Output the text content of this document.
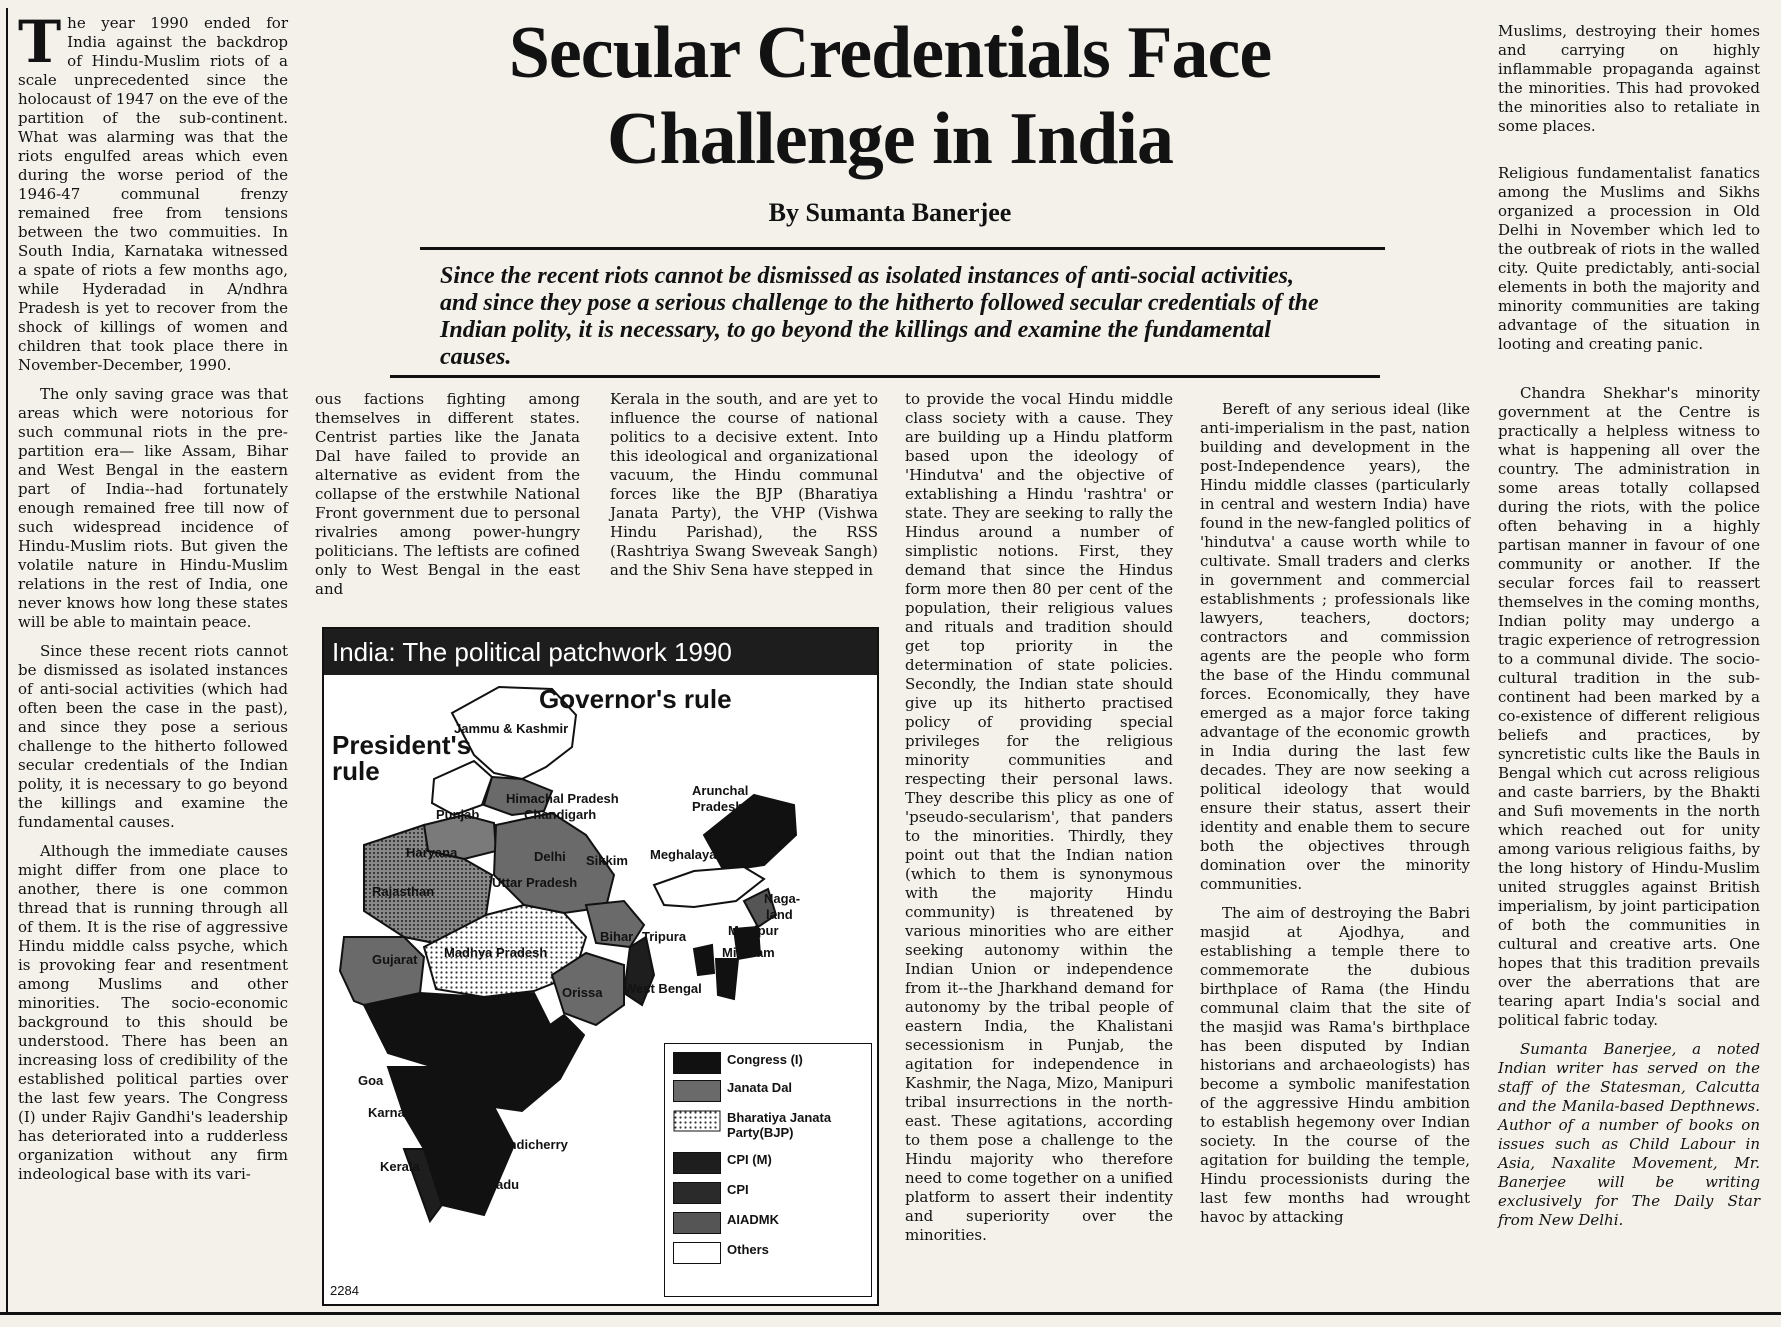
The year 1990 ended for India against the backdrop of Hindu-Muslim riots of a scale unprecedented since the holocaust of 1947 on the eve of the partition of the sub-continent. What was alarming was that the riots engulfed areas which even during the worse period of the 1946-47 communal frenzy remained free from tensions between the two commuities. In South India, Karnataka witnessed a spate of riots a few months ago, while Hyderadad in A/ndhra Pradesh is yet to recover from the shock of killings of women and children that took place there in November-December, 1990.

The only saving grace was that areas which were notorious for such communal riots in the pre-partition era— like Assam, Bihar and West Bengal in the eastern part of India--had fortunately enough remained free till now of such widespread incidence of Hindu-Muslim riots. But given the volatile nature in Hindu-Muslim relations in the rest of India, one never knows how long these states will be able to maintain peace.

Since these recent riots cannot be dismissed as isolated instances of anti-social activities (which had often been the case in the past), and since they pose a serious challenge to the hitherto followed secular credentials of the Indian polity, it is necessary to go beyond the killings and examine the fundamental causes.

Although the immediate causes might differ from one place to another, there is one common thread that is running through all of them. It is the rise of aggressive Hindu middle calss psyche, which is provoking fear and resentment among Muslims and other minorities. The socio-economic background to this should be understood. There has been an increasing loss of credibility of the established political parties over the last few years. The Congress (I) under Rajiv Gandhi's leadership has deteriorated into a rudderless organization without any firm indeological base with its vari-

Secular Credentials Face
Challenge in India
By Sumanta Banerjee
Since the recent riots cannot be dismissed as isolated instances of anti-social activities, and since they pose a serious challenge to the hitherto followed secular credentials of the Indian polity, it is necessary, to go beyond the killings and examine the fundamental causes.

ous factions fighting among themselves in different states. Centrist parties like the Janata Dal have failed to provide an alternative as evident from the collapse of the erstwhile National Front government due to personal rivalries among power-hungry politicians. The leftists are cofined only to West Bengal in the east and

Kerala in the south, and are yet to influence the course of national politics to a decisive extent. Into this ideological and organizational vacuum, the Hindu communal forces like the BJP (Bharatiya Janata Party), the VHP (Vishwa Hindu Parishad), the RSS (Rashtriya Swang Sweveak Sangh) and the Shiv Sena have stepped in

India: The political patchwork 1990
Governor's rule
President's
rule
Jammu & Kashmir
Himachal Pradesh
Chandigarh
Punjab
Haryana	Delhi
Uttar Pradesh
Rajasthan
Gujarat Madhya Pradesh
Bihar
Sikkim Meghalaya
Arunchal
Pradesh
Naga-
land
Manipur
Tripura
Mizoram
West Bengal
Orissa
Maharashtra
Goa
Andra
Pradesh
Karnataka
Pondicherry
Kerala
Tamil Nadu
Congress (I)
Janata Dal
Bharatiya Janata Party(BJP)
CPI (M)
CPI
AIADMK
Others
2284

to provide the vocal Hindu middle class society with a cause. They are building up a Hindu platform based upon the ideology of 'Hindutva' and the objective of extablishing a Hindu 'rashtra' or state. They are seeking to rally the Hindus around a number of simplistic notions. First, they demand that since the Hindus form more then 80 per cent of the population, their religious values and rituals and tradition should get top priority in the determination of state policies. Secondly, the Indian state should give up its hitherto practised policy of providing special privileges for the religious minority communities and respecting their personal laws. They describe this plicy as one of 'pseudo-secularism', that panders to the minorities. Thirdly, they point out that the Indian nation (which to them is synonymous with the majority Hindu community) is threatened by various minorities who are either seeking autonomy within the Indian Union or independence from it--the Jharkhand demand for autonomy by the tribal people of eastern India, the Khalistani secessionism in Punjab, the agitation for independence in Kashmir, the Naga, Mizo, Manipuri tribal insurrections in the north-east. These agitations, according to them pose a challenge to the Hindu majority who therefore need to come together on a unified platform to assert their indentity and superiority over the minorities.

Bereft of any serious ideal (like anti-imperialism in the past, nation building and development in the post-Independence years), the Hindu middle classes (particularly in central and western India) have found in the new-fangled politics of 'hindutva' a cause worth while to cultivate. Small traders and clerks in government and commercial establishments ; professionals like lawyers, teachers, doctors; contractors and commission agents are the people who form the base of the Hindu communal forces. Economically, they have emerged as a major force taking advantage of the economic growth in India during the last few decades. They are now seeking a political ideology that would ensure their status, assert their identity and enable them to secure both the objectives through domination over the minority communities.

The aim of destroying the Babri masjid at Ajodhya, and establishing a temple there to commemorate the dubious birthplace of Rama (the Hindu communal claim that the site of the masjid was Rama's birthplace has been disputed by Indian historians and archaeologists) has become a symbolic manifestation of the aggressive Hindu ambition to establish hegemony over Indian society. In the course of the agitation for building the temple, Hindu processionists during the last few months had wrought havoc by attacking

Muslims, destroying their homes and carrying on highly inflammable propaganda against the minorities. This had provoked the minorities also to retaliate in some places.

Religious fundamentalist fanatics among the Muslims and Sikhs organized a procession in Old Delhi in November which led to the outbreak of riots in the walled city. Quite predictably, anti-social elements in both the majority and minority communities are taking advantage of the situation in looting and creating panic.

Chandra Shekhar's minority government at the Centre is practically a helpless witness to what is happening all over the country. The administration in some areas totally collapsed during the riots, with the police often behaving in a highly partisan manner in favour of one community or another. If the secular forces fail to reassert themselves in the coming months, Indian polity may undergo a tragic experience of retrogression to a communal divide. The socio-cultural tradition in the sub-continent had been marked by a co-existence of different religious beliefs and practices, by syncretistic cults like the Bauls in Bengal which cut across religious and caste barriers, by the Bhakti and Sufi movements in the north which reached out for unity among various religious faiths, by the long history of Hindu-Muslim united struggles against British imperialism, by joint participation of both the communities in cultural and creative arts. One hopes that this tradition prevails over the aberrations that are tearing apart India's social and political fabric today.

Sumanta Banerjee, a noted Indian writer has served on the staff of the Statesman, Calcutta and the Manila-based Depthnews. Author of a number of books on issues such as Child Labour in Asia, Naxalite Movement, Mr. Banerjee will be writing exclusively for The Daily Star from New Delhi.
